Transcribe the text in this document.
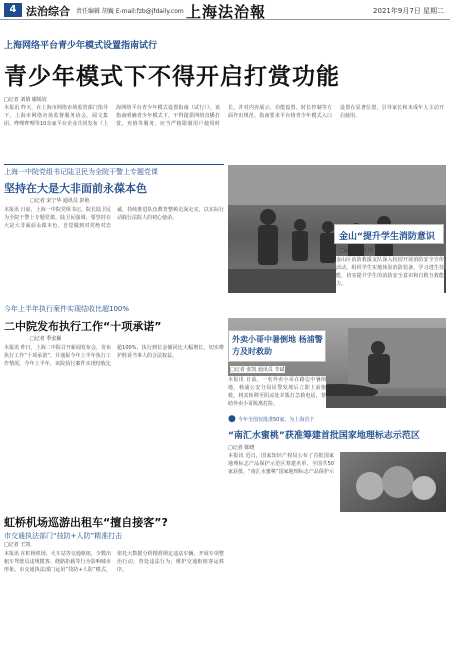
4 法治综合 责任编辑 胡巍 E-mail:fzb@jfdaily.com 上海法治報	2021年9月7日 星期二
上海网络平台青少年模式设置指南试行
青少年模式下不得开启打赏功能
□记者 刘倩 谢锐钦
本报讯 昨天，在上海市网络市场监管部门指导下，上海市网络市场监督服务协会、阅文集团、哔哩哔哩等10余家平台企业共同发布《上海网络平台青少年模式设置指南（试行）》。该指南明确青少年模式下，不得提供网络直播打赏、充值等服务，应当严格限制用户使用时长，并对内容展示、功能设置、时长控制等方面作出规范。指南要求平台将青少年模式入口设置在显著位置，引导家长和未成年人主动开启使用。
上海一中院党组书记陆卫民为全院干警上专题党课
坚持在大是大非面前永葆本色
□记者 宋宁华 通讯员 彭艳
本报讯 日前，上海一中院党组书记、院长陆卫民为全院干警上专题党课。陆卫民强调，要坚持在大是大非面前永葆本色，自觉做到对党绝对忠诚，持续推进队伍教育整顿走深走实，以实际行动践行法院人的初心使命。
今年上半年执行案件实现结收比超100%
二中院发布执行工作“十项承诺”
□记者 季张颖
本报讯 昨日，上海二中院召开新闻发布会，发布执行工作“十项承诺”，并通报今年上半年执行工作情况。今年上半年，该院执行案件实现结收比超100%，执行到位金额同比大幅增长，切实维护胜诉当事人的合法权益。
虹桥机场巡游出租车“擅自接客”?
市交通执法部门“技防+人防”精准打击
□记者 王凯
本报讯 在虹桥机场、火车站等交通枢纽，少数出租车驾驶员违规揽客、绕路拒载等行为影响城市形象。市交通执法部门运用“技防+人防”模式，依托大数据分析精准锁定违法车辆，开展专项整治行动，查处违法行为，维护交通枢纽客运秩序。
金山“提升学生消防意识
□记者 刘凯 许飞
金山区消防救援支队深入校园开展消防安全宣传活动，组织学生实地体验消防装备、学习逃生技能，切实提升学生的消防安全意识和自救互救能力。
外卖小哥中暑倒地 杨浦警方及时救助
□记者 张凯 通讯员 李斌
本报讯 日前，一名外卖小哥在路边中暑倒地，杨浦公安分局民警发现后立即上前施救，将其转移至阴凉处并拨打急救电话，帮助外卖小哥脱离危险。
● 今年全国仅批准50家，为上海首个
“南汇水蜜桃”获准筹建首批国家地理标志示范区
□记者 陈晓
本报讯 近日，国家知识产权局公布了首批国家地理标志产品保护示范区筹建名单，全国共50家获批，“南汇水蜜桃”国家地理标志产品保护示
